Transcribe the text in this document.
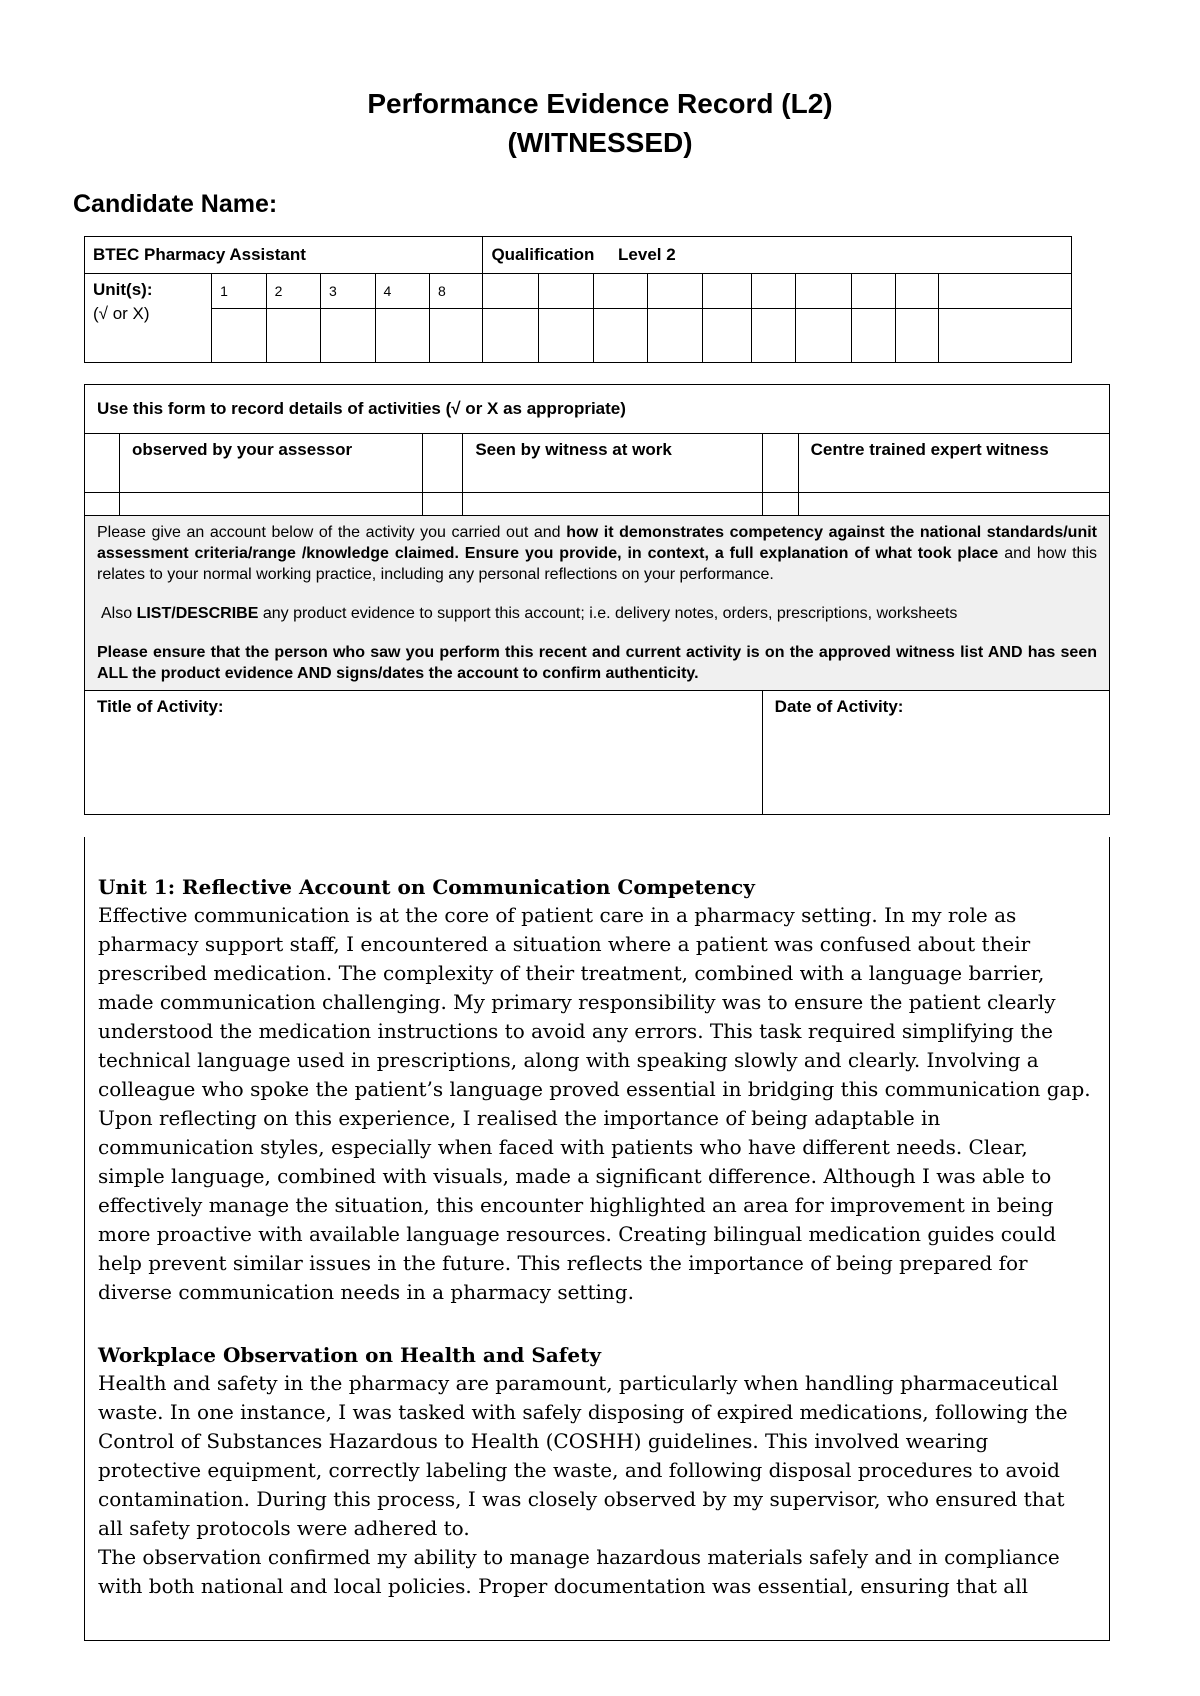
Performance Evidence Record (L2)
(WITNESSED)
Candidate Name:
BTEC Pharmacy Assistant						Qualification Level 2									

Unit(s):
(√ or X)	1	2	3	4	8										

Use this form to record details of activities (√ or X as appropriate)					
	observed by your assessor		Seen by witness at work		Centre trained expert witness

Please give an account below of the activity you carried out and how it demonstrates competency against the national standards/unit assessment criteria/range /knowledge claimed. Ensure you provide, in context, a full explanation of what took place and how this relates to your normal working practice, including any personal reflections on your performance.

Also LIST/DESCRIBE any product evidence to support this account; i.e. delivery notes, orders, prescriptions, worksheets

Please ensure that the person who saw you perform this recent and current activity is on the approved witness list AND has seen ALL the product evidence AND signs/dates the account to confirm authenticity.					

Title of Activity:				Date of Activity:	
Unit 1: Reflective Account on Communication Competency

Effective communication is at the core of patient care in a pharmacy setting. In my role as pharmacy support staff, I encountered a situation where a patient was confused about their prescribed medication. The complexity of their treatment, combined with a language barrier, made communication challenging. My primary responsibility was to ensure the patient clearly understood the medication instructions to avoid any errors. This task required simplifying the technical language used in prescriptions, along with speaking slowly and clearly. Involving a colleague who spoke the patient’s language proved essential in bridging this communication gap.

Upon reflecting on this experience, I realised the importance of being adaptable in communication styles, especially when faced with patients who have different needs. Clear, simple language, combined with visuals, made a significant difference. Although I was able to effectively manage the situation, this encounter highlighted an area for improvement in being more proactive with available language resources. Creating bilingual medication guides could help prevent similar issues in the future. This reflects the importance of being prepared for diverse communication needs in a pharmacy setting.

Workplace Observation on Health and Safety

Health and safety in the pharmacy are paramount, particularly when handling pharmaceutical waste. In one instance, I was tasked with safely disposing of expired medications, following the Control of Substances Hazardous to Health (COSHH) guidelines. This involved wearing protective equipment, correctly labeling the waste, and following disposal procedures to avoid contamination. During this process, I was closely observed by my supervisor, who ensured that all safety protocols were adhered to.

The observation confirmed my ability to manage hazardous materials safely and in compliance with both national and local policies. Proper documentation was essential, ensuring that all
